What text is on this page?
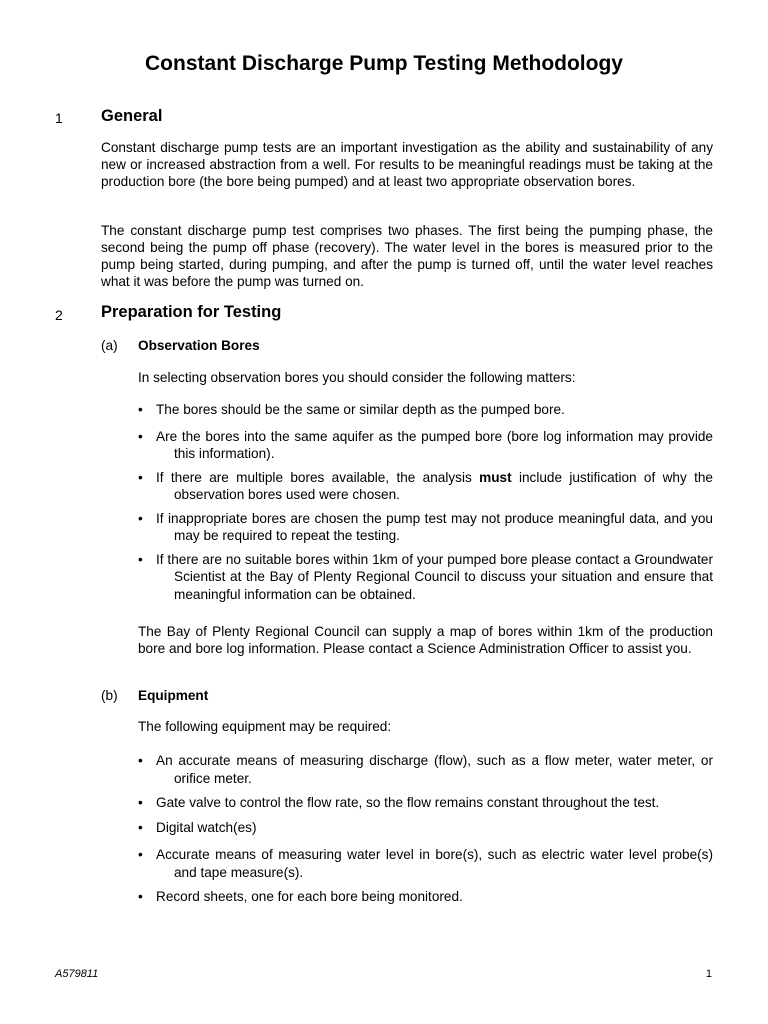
Constant Discharge Pump Testing Methodology
1 General
Constant discharge pump tests are an important investigation as the ability and sustainability of any new or increased abstraction from a well. For results to be meaningful readings must be taking at the production bore (the bore being pumped) and at least two appropriate observation bores.
The constant discharge pump test comprises two phases. The first being the pumping phase, the second being the pump off phase (recovery). The water level in the bores is measured prior to the pump being started, during pumping, and after the pump is turned off, until the water level reaches what it was before the pump was turned on.
2 Preparation for Testing
(a) Observation Bores
In selecting observation bores you should consider the following matters:
• The bores should be the same or similar depth as the pumped bore.
• Are the bores into the same aquifer as the pumped bore (bore log information may provide this information).
• If there are multiple bores available, the analysis must include justification of why the observation bores used were chosen.
• If inappropriate bores are chosen the pump test may not produce meaningful data, and you may be required to repeat the testing.
• If there are no suitable bores within 1km of your pumped bore please contact a Groundwater Scientist at the Bay of Plenty Regional Council to discuss your situation and ensure that meaningful information can be obtained.
The Bay of Plenty Regional Council can supply a map of bores within 1km of the production bore and bore log information. Please contact a Science Administration Officer to assist you.
(b) Equipment
The following equipment may be required:
• An accurate means of measuring discharge (flow), such as a flow meter, water meter, or orifice meter.
• Gate valve to control the flow rate, so the flow remains constant throughout the test.
• Digital watch(es)
• Accurate means of measuring water level in bore(s), such as electric water level probe(s) and tape measure(s).
• Record sheets, one for each bore being monitored.
A579811	1
